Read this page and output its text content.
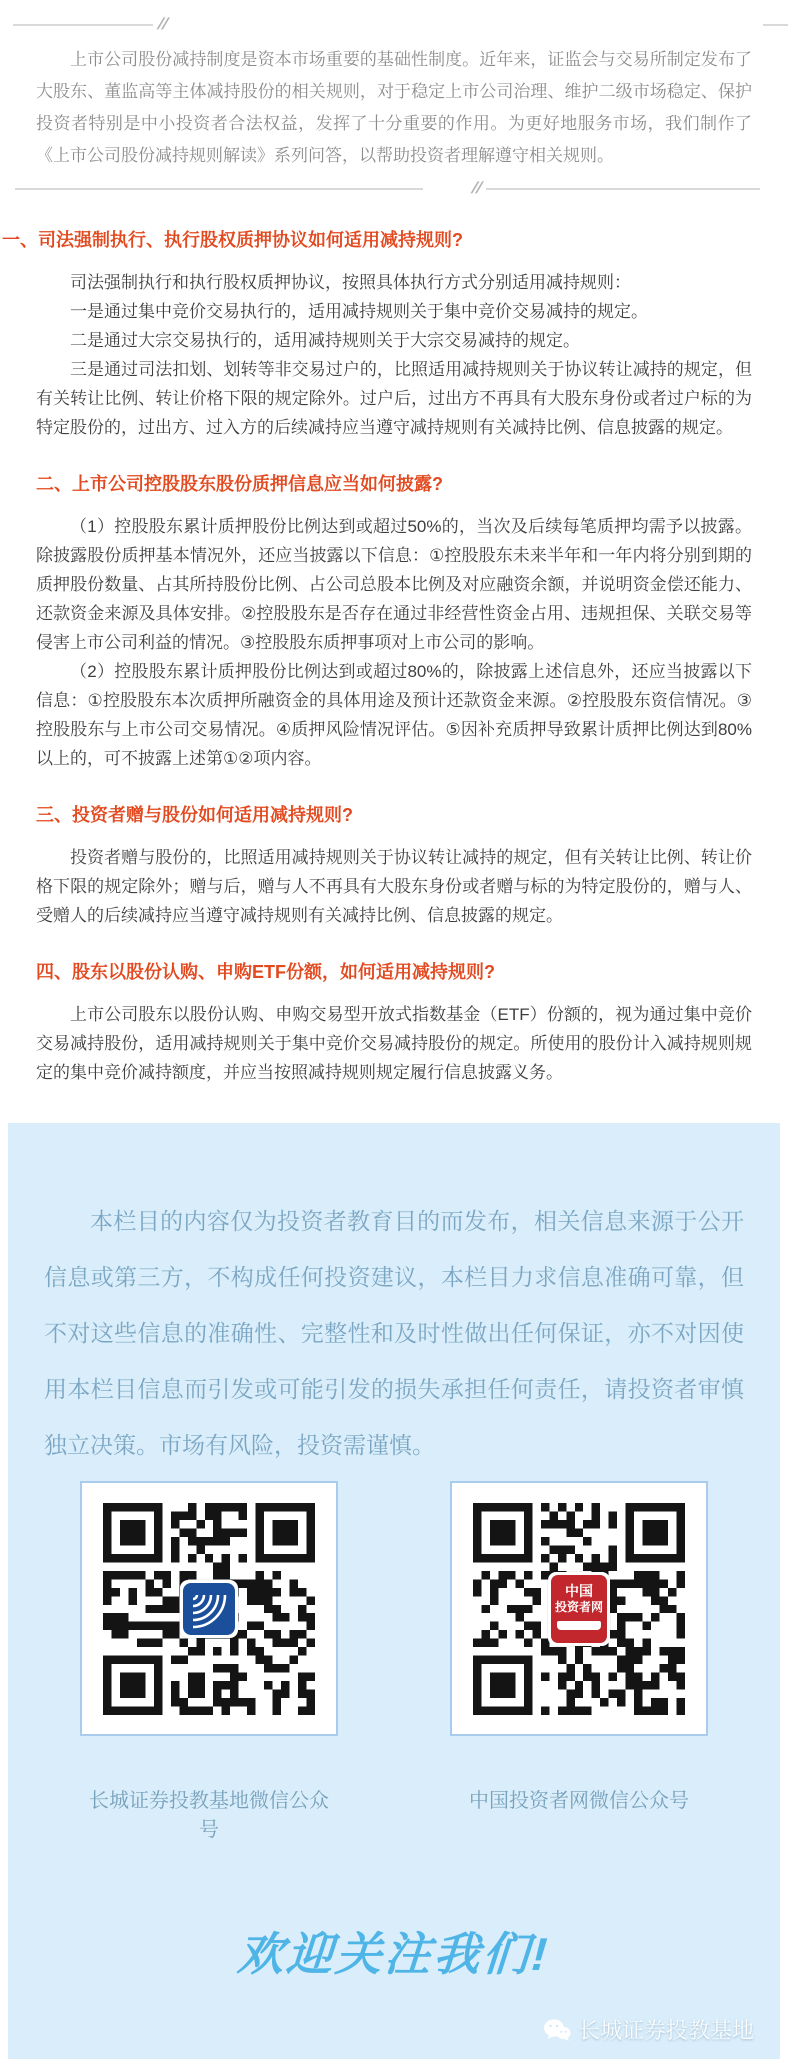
//

上市公司股份减持制度是资本市场重要的基础性制度。近年来，证监会与交易所制定发布了大股东、董监高等主体减持股份的相关规则，对于稳定上市公司治理、维护二级市场稳定、保护投资者特别是中小投资者合法权益，发挥了十分重要的作用。为更好地服务市场，我们制作了《上市公司股份减持规则解读》系列问答，以帮助投资者理解遵守相关规则。

//
一、司法强制执行、执行股权质押协议如何适用减持规则?

司法强制执行和执行股权质押协议，按照具体执行方式分别适用减持规则：

一是通过集中竞价交易执行的，适用减持规则关于集中竞价交易减持的规定。

二是通过大宗交易执行的，适用减持规则关于大宗交易减持的规定。

三是通过司法扣划、划转等非交易过户的，比照适用减持规则关于协议转让减持的规定，但有关转让比例、转让价格下限的规定除外。过户后，过出方不再具有大股东身份或者过户标的为特定股份的，过出方、过入方的后续减持应当遵守减持规则有关减持比例、信息披露的规定。

二、上市公司控股股东股份质押信息应当如何披露?

（1）控股股东累计质押股份比例达到或超过50%的，当次及后续每笔质押均需予以披露。除披露股份质押基本情况外，还应当披露以下信息：①控股股东未来半年和一年内将分别到期的质押股份数量、占其所持股份比例、占公司总股本比例及对应融资余额，并说明资金偿还能力、还款资金来源及具体安排。②控股股东是否存在通过非经营性资金占用、违规担保、关联交易等侵害上市公司利益的情况。③控股股东质押事项对上市公司的影响。

（2）控股股东累计质押股份比例达到或超过80%的，除披露上述信息外，还应当披露以下信息：①控股股东本次质押所融资金的具体用途及预计还款资金来源。②控股股东资信情况。③控股股东与上市公司交易情况。④质押风险情况评估。⑤因补充质押导致累计质押比例达到80%以上的，可不披露上述第①②项内容。

三、投资者赠与股份如何适用减持规则?

投资者赠与股份的，比照适用减持规则关于协议转让减持的规定，但有关转让比例、转让价格下限的规定除外；赠与后，赠与人不再具有大股东身份或者赠与标的为特定股份的，赠与人、受赠人的后续减持应当遵守减持规则有关减持比例、信息披露的规定。

四、股东以股份认购、申购ETF份额，如何适用减持规则?

上市公司股东以股份认购、申购交易型开放式指数基金（ETF）份额的，视为通过集中竞价交易减持股份，适用减持规则关于集中竞价交易减持股份的规定。所使用的股份计入减持规则规定的集中竞价减持额度，并应当按照减持规则规定履行信息披露义务。

本栏目的内容仅为投资者教育目的而发布，相关信息来源于公开信息或第三方，不构成任何投资建议，本栏目力求信息准确可靠，但不对这些信息的准确性、完整性和及时性做出任何保证，亦不对因使用本栏目信息而引发或可能引发的损失承担任何责任，请投资者审慎独立决策。市场有风险，投资需谨慎。

中国
投资者网
长城证券投教基地微信公众号
中国投资者网微信公众号
欢迎关注我们!
长城证券投教基地
